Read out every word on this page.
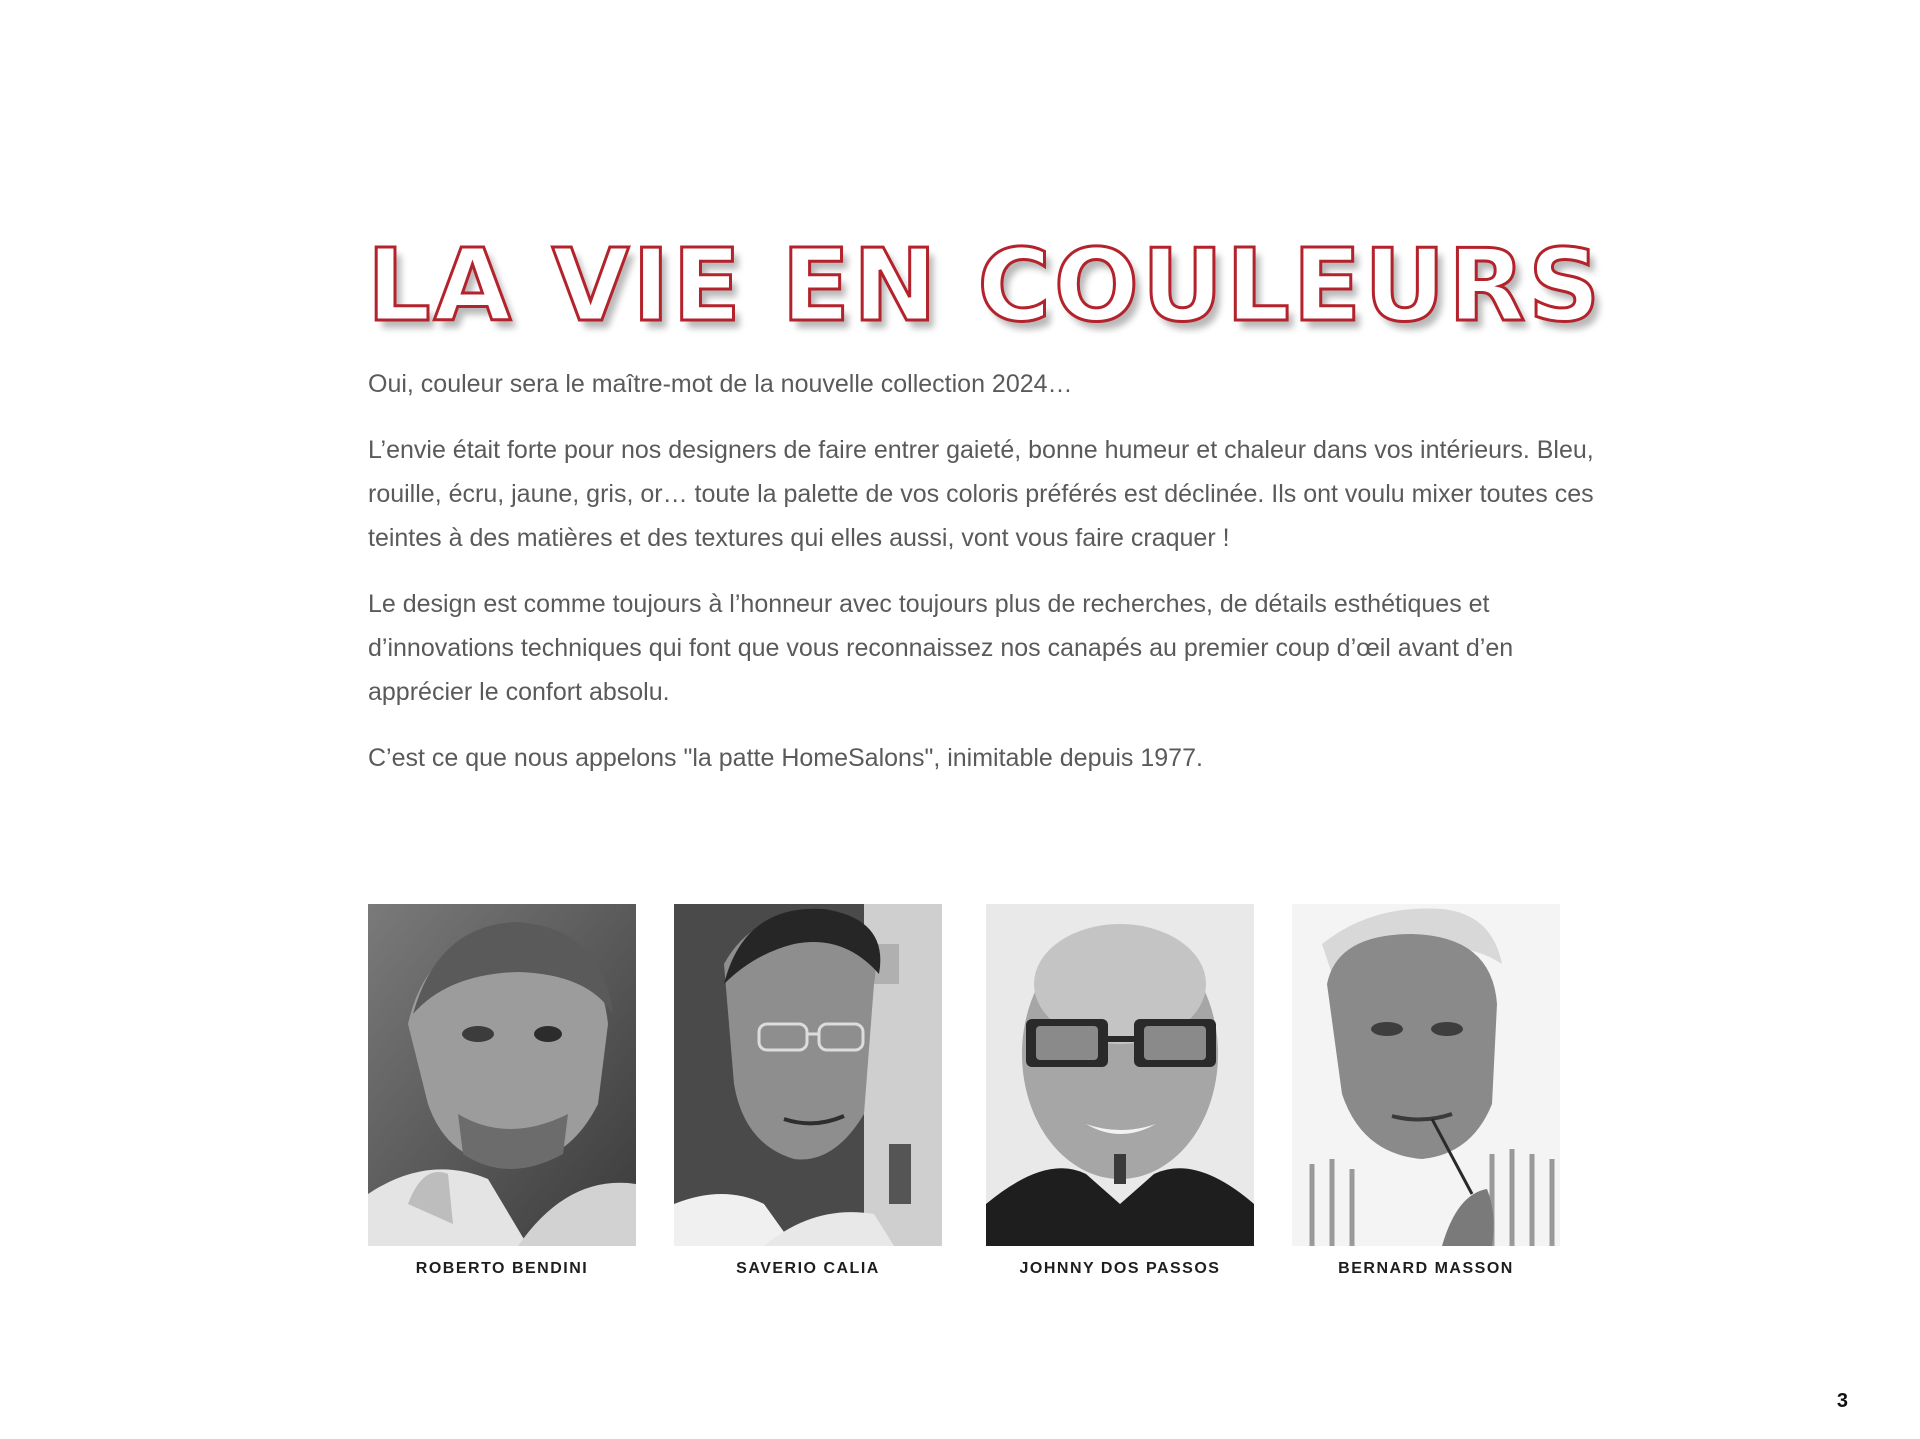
LA VIE EN COULEURS

Oui, couleur sera le maître-mot de la nouvelle collection 2024…

L’envie était forte pour nos designers de faire entrer gaieté, bonne humeur et chaleur dans vos intérieurs. Bleu, rouille, écru, jaune, gris, or… toute la palette de vos coloris préférés est déclinée. Ils ont voulu mixer toutes ces teintes à des matières et des textures qui elles aussi, vont vous faire craquer !

Le design est comme toujours à l’honneur avec toujours plus de recherches, de détails esthétiques et d’innovations techniques qui font que vous reconnaissez nos canapés au premier coup d’œil avant d’en apprécier le confort absolu.

C’est ce que nous appelons "la patte HomeSalons", inimitable depuis 1977.

ROBERTO BENDINI	SAVERIO CALIA	JOHNNY DOS PASSOS	BERNARD MASSON
3
